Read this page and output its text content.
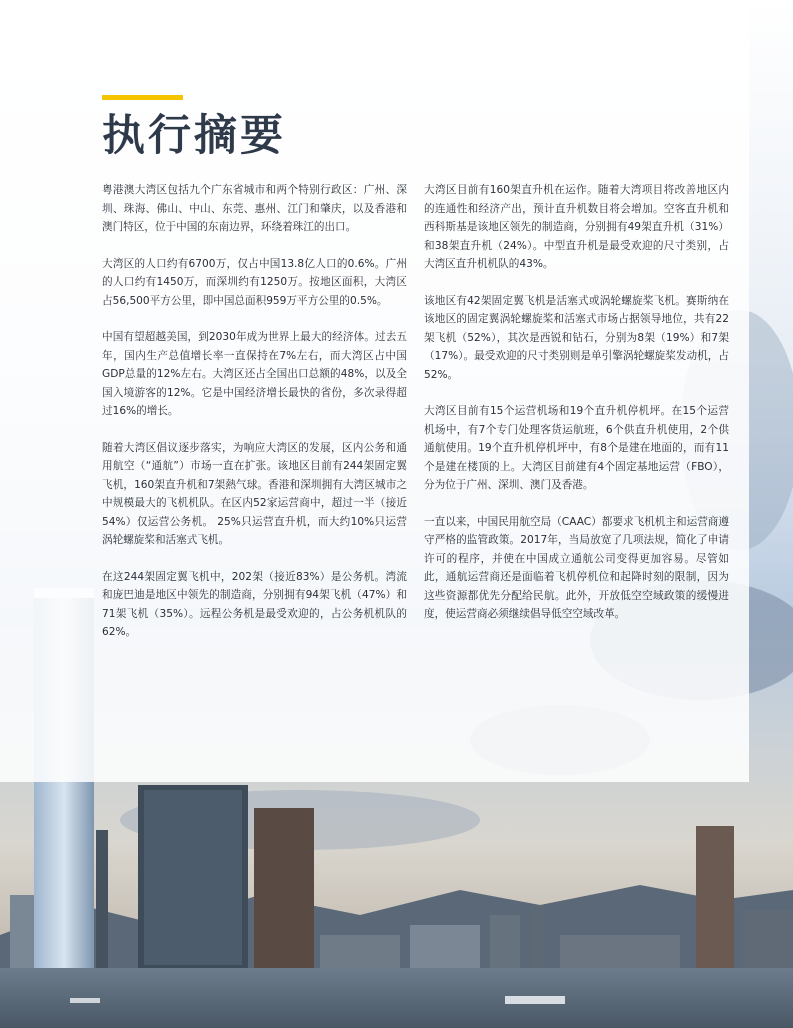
执行摘要

粤港澳大湾区包括九个广东省城市和两个特别行政区：广州、深圳、珠海、佛山、中山、东莞、惠州、江门和肇庆，以及香港和澳门特区，位于中国的东南边界，环绕着珠江的出口。

大湾区的人口约有6700万，仅占中国13.8亿人口的0.6%。广州的人口约有1450万，而深圳约有1250万。按地区面积，大湾区占56,500平方公里，即中国总面积959万平方公里的0.5%。

中国有望超越美国，到2030年成为世界上最大的经济体。过去五年，国内生产总值增长率一直保持在7%左右，而大湾区占中国GDP总量的12%左右。大湾区还占全国出口总额的48%，以及全国入境游客的12%。它是中国经济增长最快的省份，多次录得超过16%的增长。

随着大湾区倡议逐步落实，为响应大湾区的发展，区内公务和通用航空（“通航”）市场一直在扩张。该地区目前有244架固定翼飞机，160架直升机和7架熱气球。香港和深圳拥有大湾区城市之中规模最大的飞机机队。在区内52家运营商中，超过一半（接近54%）仅运营公务机。 25%只运营直升机，而大约10%只运营涡轮螺旋桨和活塞式飞机。

在这244架固定翼飞机中，202架（接近83%）是公务机。湾流和庞巴迪是地区中领先的制造商，分别拥有94架飞机（47%）和71架飞机（35%）。远程公务机是最受欢迎的，占公务机机队的62%。

大湾区目前有160架直升机在运作。随着大湾项目将改善地区内的连通性和经济产出，预计直升机数目将会增加。空客直升机和西科斯基是该地区领先的制造商，分别拥有49架直升机（31%）和38架直升机（24%）。中型直升机是最受欢迎的尺寸类别，占大湾区直升机机队的43%。

该地区有42架固定翼飞机是活塞式或涡轮螺旋桨飞机。赛斯纳在该地区的固定翼涡轮螺旋桨和活塞式市场占据领导地位，共有22架飞机（52%），其次是西锐和钻石，分别为8架（19%）和7架（17%）。最受欢迎的尺寸类别则是单引擎涡轮螺旋桨发动机，占52%。

大湾区目前有15个运营机场和19个直升机停机坪。在15个运营机场中，有7个专门处理客货运航班，6个供直升机使用，2个供通航使用。19个直升机停机坪中，有8个是建在地面的，而有11个是建在楼顶的上。大湾区目前建有4个固定基地运营（FBO），分为位于广州、深圳、澳门及香港。

一直以来，中国民用航空局（CAAC）都要求飞机机主和运营商遵守严格的监管政策。2017年，当局放宽了几项法规，简化了申请许可的程序，并使在中国成立通航公司变得更加容易。尽管如此，通航运营商还是面临着飞机停机位和起降时刻的限制，因为这些资源都优先分配给民航。此外，开放低空空域政策的缓慢进度，使运营商必须继续倡导低空空域改革。
